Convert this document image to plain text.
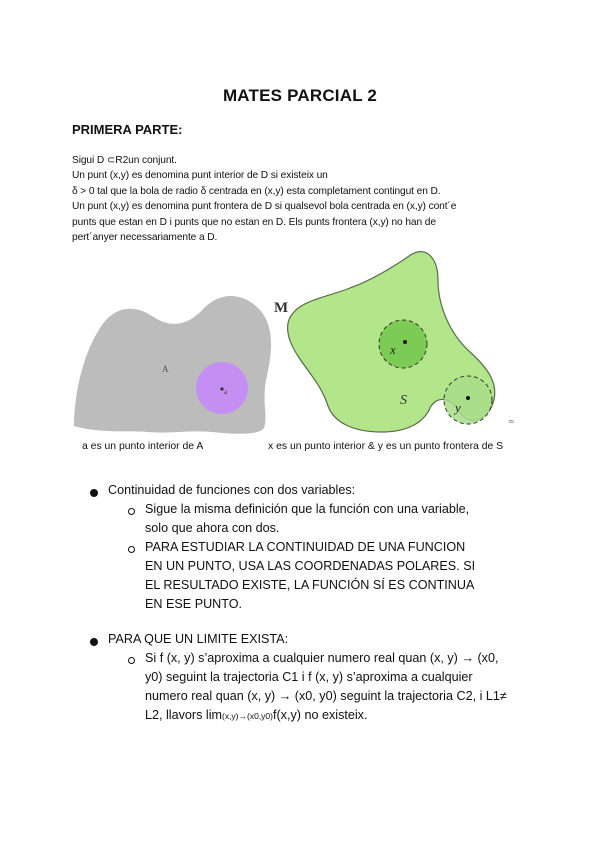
MATES PARCIAL 2
PRIMERA PARTE:
Sigui D ⊂R2un conjunt.
Un punt (x,y) es denomina punt interior de D si existeix un
δ > 0 tal que la bola de radio δ centrada en (x,y) esta completament contingut en D.
Un punt (x,y) es denomina punt frontera de D si qualsevol bola centrada en (x,y) cont´e
punts que estan en D i punts que no estan en D. Els punts frontera (x,y) no han de
pert´anyer necessariamente a D.
a
A
x
y
S
M
≈
a es un punto interior de A	x es un punto interior & y es un punto frontera de S
Continuidad de funciones con dos variables:
Sigue la misma definición que la función con una variable,
solo que ahora con dos.
PARA ESTUDIAR LA CONTINUIDAD DE UNA FUNCION
EN UN PUNTO, USA LAS COORDENADAS POLARES. SI
EL RESULTADO EXISTE, LA FUNCIÓN SÍ ES CONTINUA
EN ESE PUNTO.
PARA QUE UN LIMITE EXISTA:
Si f (x, y) s’aproxima a cualquier numero real quan (x, y) → (x0,
y0) seguint la trajectoria C1 i f (x, y) s’aproxima a cualquier
numero real quan (x, y) → (x0, y0) seguint la trajectoria C2, i L1≠
L2, llavors lim(x,y)→(x0,y0)f(x,y) no existeix.
